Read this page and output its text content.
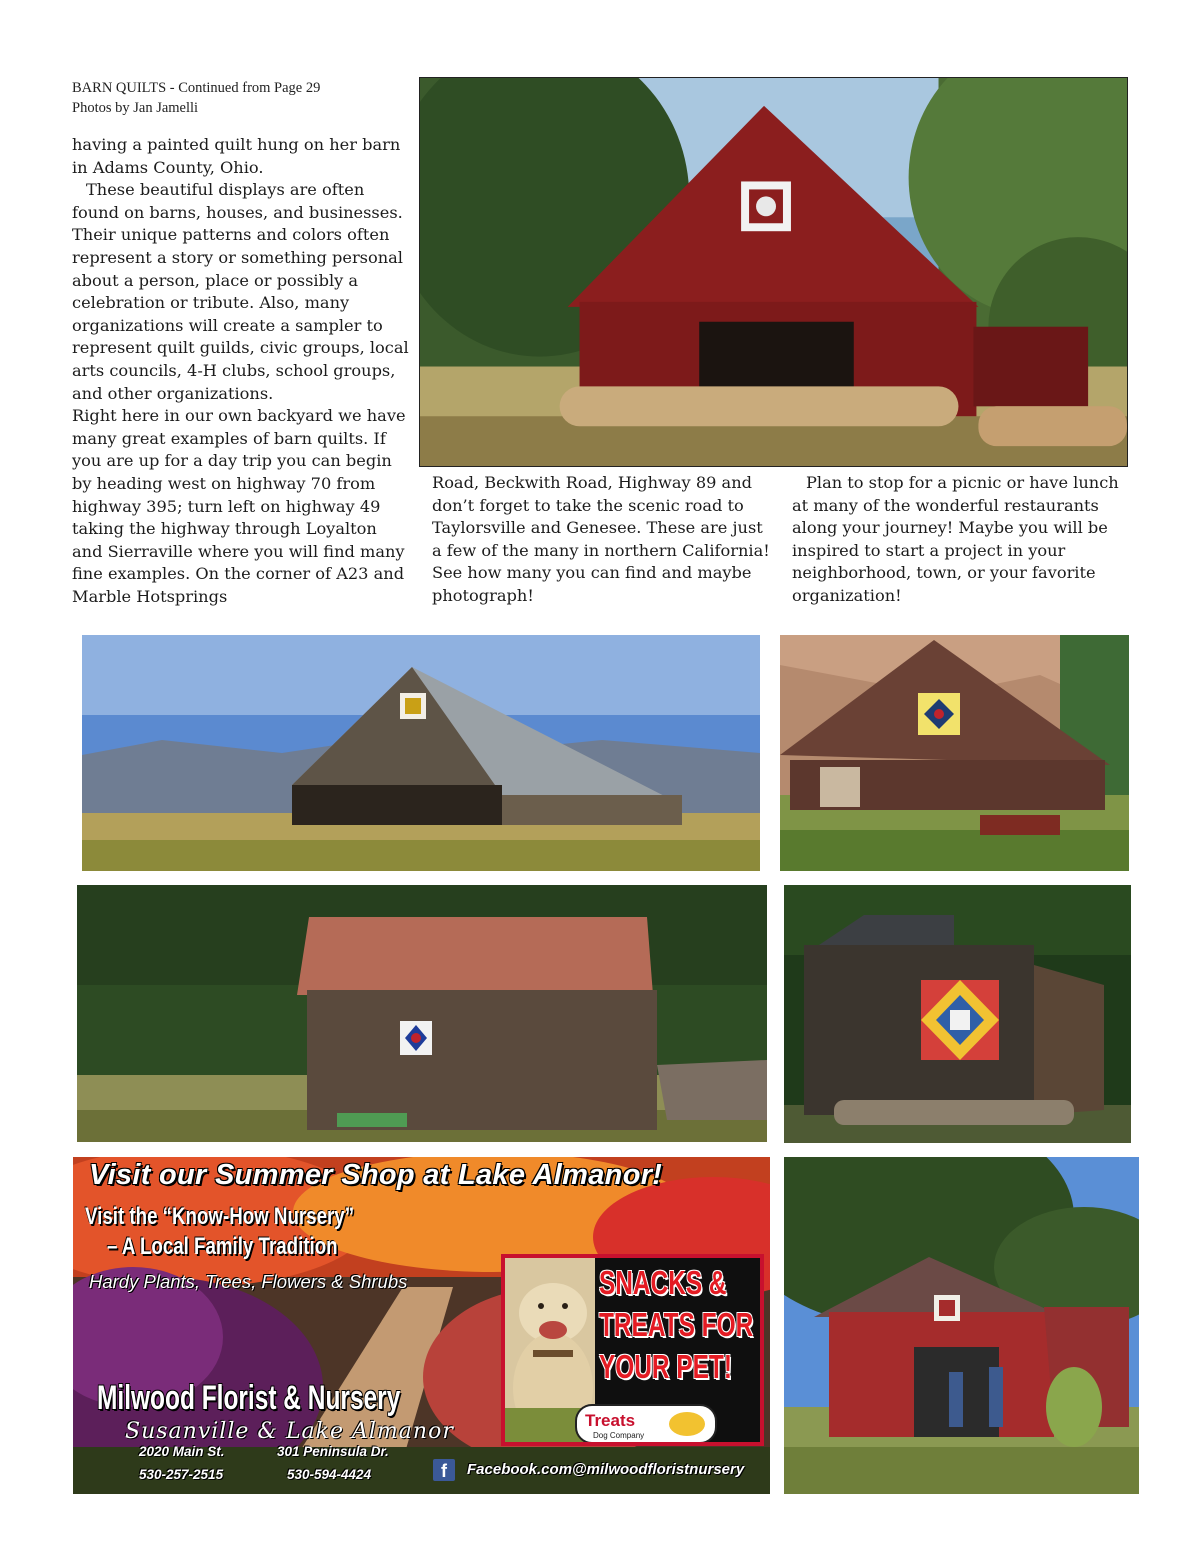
BARN QUILTS - Continued from Page 29
Photos by Jan Jamelli

having a painted quilt hung on her barn in Adams County, Ohio.

These beautiful displays are often found on barns, houses, and businesses. Their unique patterns and colors often represent a story or something personal about a person, place or possibly a celebration or tribute. Also, many organizations will create a sampler to represent quilt guilds, civic groups, local arts councils, 4-H clubs, school groups, and other organizations.

Right here in our own backyard we have many great examples of barn quilts. If you are up for a day trip you can begin by heading west on highway 70 from highway 395; turn left on highway 49 taking the highway through Loyalton and Sierraville where you will find many fine examples. On the corner of A23 and Marble Hotsprings

Road, Beckwith Road, Highway 89 and don’t forget to take the scenic road to Taylorsville and Genesee. These are just a few of the many in northern California! See how many you can find and maybe photograph!

Plan to stop for a picnic or have lunch at many of the wonderful restaurants along your journey! Maybe you will be inspired to start a project in your neighborhood, town, or your favorite organization!

Visit our Summer Shop at Lake Almanor!
Visit the “Know-How Nursery”
– A Local Family Tradition
Hardy Plants, Trees, Flowers & Shrubs	SNACKS &
TREATS FOR
YOUR PET!
Treats
Dog Company
Milwood Florist & Nursery
Susanville & Lake Almanor
2020 Main St.	301 Peninsula Dr.
530-257-2515	530-594-4424	f	Facebook.com@milwoodfloristnursery
